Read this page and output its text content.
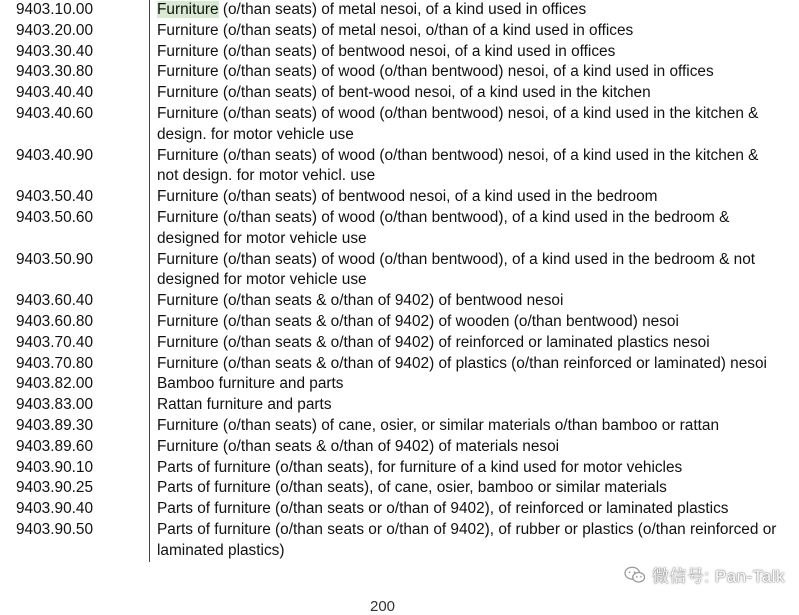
9403.10.00	Furniture (o/than seats) of metal nesoi, of a kind used in offices
9403.20.00	Furniture (o/than seats) of metal nesoi, o/than of a kind used in offices
9403.30.40	Furniture (o/than seats) of bentwood nesoi, of a kind used in offices
9403.30.80	Furniture (o/than seats) of wood (o/than bentwood) nesoi, of a kind used in offices
9403.40.40	Furniture (o/than seats) of bent-wood nesoi, of a kind used in the kitchen
9403.40.60	Furniture (o/than seats) of wood (o/than bentwood) nesoi, of a kind used in the kitchen & design. for motor vehicle use
9403.40.90	Furniture (o/than seats) of wood (o/than bentwood) nesoi, of a kind used in the kitchen & not design. for motor vehicl. use
9403.50.40	Furniture (o/than seats) of bentwood nesoi, of a kind used in the bedroom
9403.50.60	Furniture (o/than seats) of wood (o/than bentwood), of a kind used in the bedroom & designed for motor vehicle use
9403.50.90	Furniture (o/than seats) of wood (o/than bentwood), of a kind used in the bedroom & not designed for motor vehicle use
9403.60.40	Furniture (o/than seats & o/than of 9402) of bentwood nesoi
9403.60.80	Furniture (o/than seats & o/than of 9402) of wooden (o/than bentwood) nesoi
9403.70.40	Furniture (o/than seats & o/than of 9402) of reinforced or laminated plastics nesoi
9403.70.80	Furniture (o/than seats & o/than of 9402) of plastics (o/than reinforced or laminated) nesoi
9403.82.00	Bamboo furniture and parts
9403.83.00	Rattan furniture and parts
9403.89.30	Furniture (o/than seats) of cane, osier, or similar materials o/than bamboo or rattan
9403.89.60	Furniture (o/than seats & o/than of 9402) of materials nesoi
9403.90.10	Parts of furniture (o/than seats), for furniture of a kind used for motor vehicles
9403.90.25	Parts of furniture (o/than seats), of cane, osier, bamboo or similar materials
9403.90.40	Parts of furniture (o/than seats or o/than of 9402), of reinforced or laminated plastics
9403.90.50	Parts of furniture (o/than seats or o/than of 9402), of rubber or plastics (o/than reinforced or laminated plastics)
200
微信号: Pan-Talk
